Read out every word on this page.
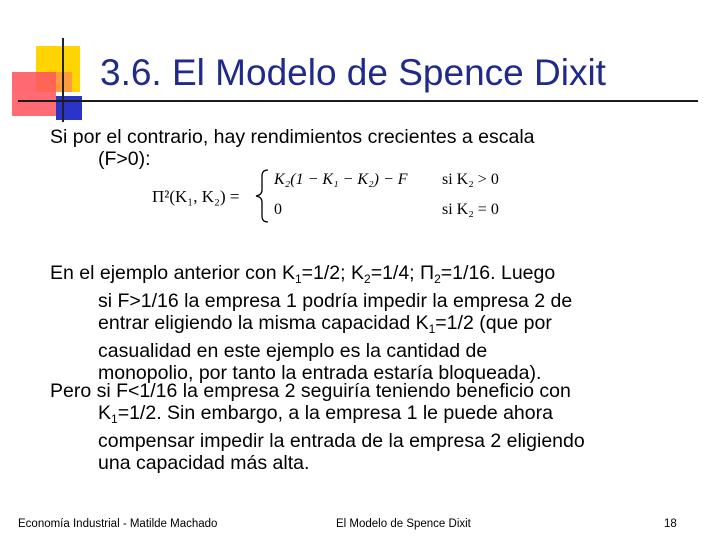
3.6. El Modelo de Spence Dixit
Si por el contrario, hay rendimientos crecientes a escala
(F>0):
Π²(K₁, K₂) =
K₂(1 − K₁ − K₂) − F si K₂ > 0
0	si K₂ = 0
En el ejemplo anterior con $K_1=1/2$; $K_2=1/4$; $\Pi_2=1/16$. Luego
si F>1/16 la empresa 1 podría impedir la empresa 2 de
entrar eligiendo la misma capacidad $K_1=1/2$ (que por
casualidad en este ejemplo es la cantidad de
monopolio, por tanto la entrada estaría bloqueada).
Pero si F<1/16 la empresa 2 seguiría teniendo beneficio con
$K_1=1/2$. Sin embargo, a la empresa 1 le puede ahora
compensar impedir la entrada de la empresa 2 eligiendo
una capacidad más alta.
Economía Industrial - Matilde Machado	El Modelo de Spence Dixit	18
